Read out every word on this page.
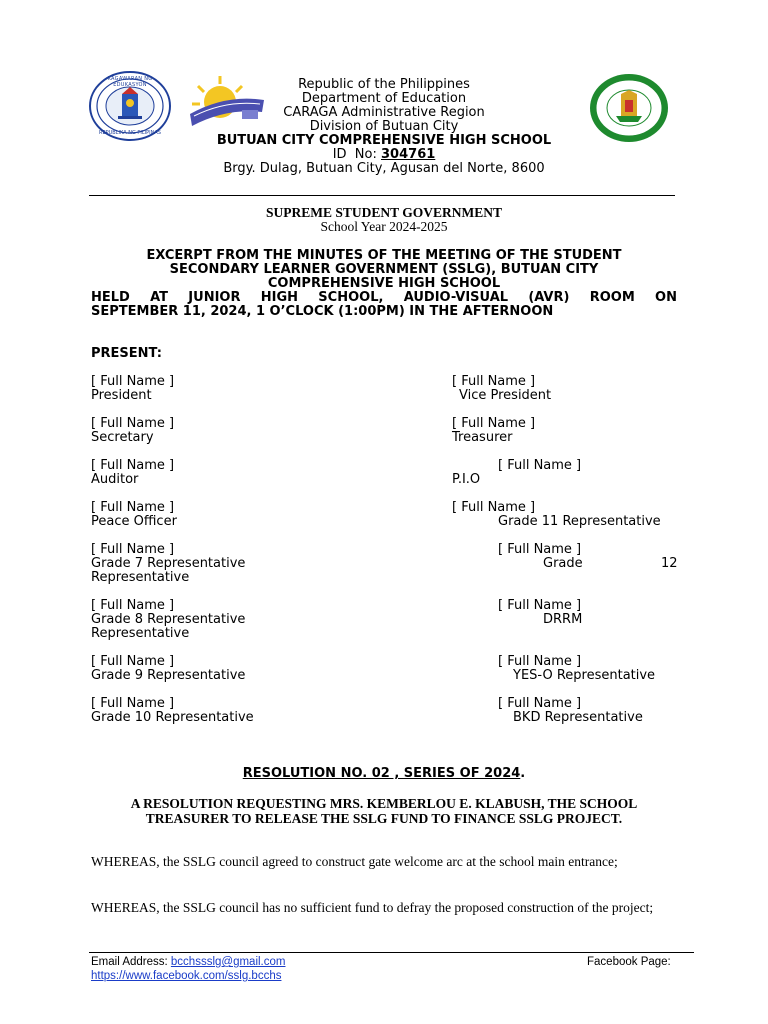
KAGAWARAN NG EDUKASYON
REPUBLIKA NG PILIPINAS
Republic of the Philippines
Department of Education
CARAGA Administrative Region
Division of Butuan City
BUTUAN CITY COMPREHENSIVE HIGH SCHOOL
ID  No: 304761
Brgy. Dulag, Butuan City, Agusan del Norte, 8600
SUPREME STUDENT GOVERNMENT
School Year 2024-2025
EXCERPT FROM THE MINUTES OF THE MEETING OF THE STUDENT
SECONDARY LEARNER GOVERNMENT (SSLG), BUTUAN CITY
COMPREHENSIVE HIGH SCHOOL
HELD AT JUNIOR HIGH SCHOOL, AUDIO-VISUAL (AVR) ROOM ON
SEPTEMBER 11, 2024, 1 O’CLOCK (1:00PM) IN THE AFTERNOON
PRESENT:
[ Full Name ]
President
[ Full Name ]
Secretary
[ Full Name ]
Auditor
[ Full Name ]
Peace Officer
[ Full Name ]
Grade 7 Representative
Representative
[ Full Name ]
Grade 8 Representative
Representative
[ Full Name ]
Grade 9 Representative
[ Full Name ]
Grade 10 Representative
[ Full Name ]
Vice President
[ Full Name ]
Treasurer
[ Full Name ]
P.I.O
[ Full Name ]
Grade 11 Representative
[ Full Name ]
Grade	12
[ Full Name ]
DRRM
[ Full Name ]
YES-O Representative
[ Full Name ]
BKD Representative
RESOLUTION NO. 02 , SERIES OF 2024.
A RESOLUTION REQUESTING MRS. KEMBERLOU E. KLABUSH, THE SCHOOL
TREASURER TO RELEASE THE SSLG FUND TO FINANCE SSLG PROJECT.
WHEREAS, the SSLG council agreed to construct gate welcome arc at the school main entrance;
WHEREAS, the SSLG council has no sufficient fund to defray the proposed construction of the project;
Email Address: bcchssslg@gmail.com	Facebook Page:
https://www.facebook.com/sslg.bcchs
